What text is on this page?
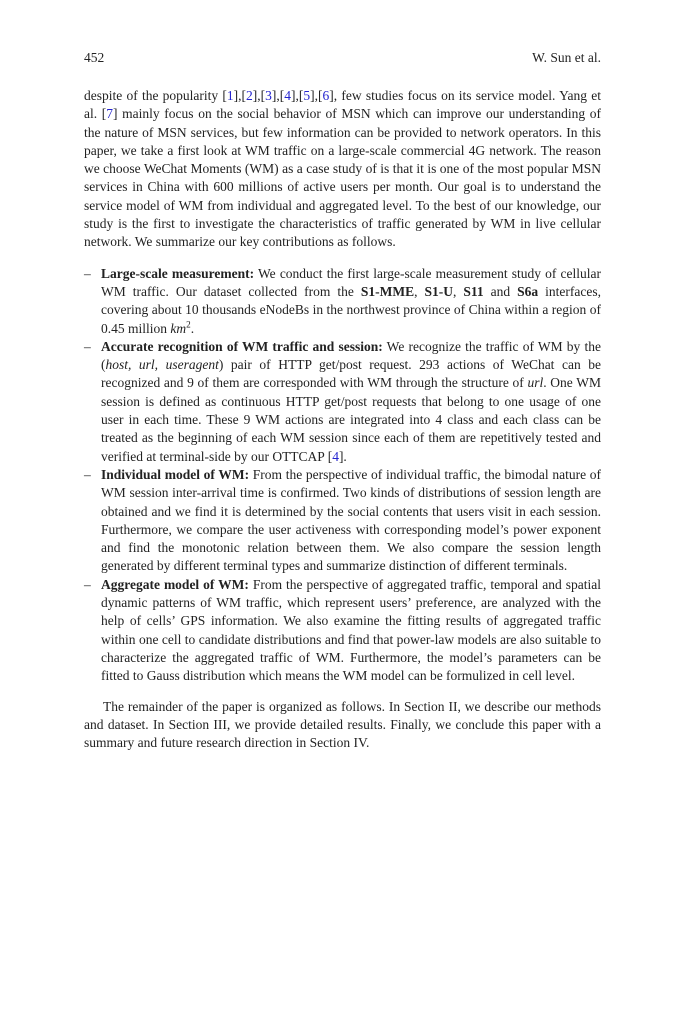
452	W. Sun et al.

despite of the popularity [1],[2],[3],[4],[5],[6], few studies focus on its service model. Yang et al. [7] mainly focus on the social behavior of MSN which can improve our understanding of the nature of MSN services, but few information can be provided to network operators. In this paper, we take a first look at WM traffic on a large-scale commercial 4G network. The reason we choose WeChat Moments (WM) as a case study of is that it is one of the most popular MSN services in China with 600 millions of active users per month. Our goal is to understand the service model of WM from individual and aggregated level. To the best of our knowledge, our study is the first to investigate the characteristics of traffic generated by WM in live cellular network. We summarize our key contributions as follows.

– Large-scale measurement: We conduct the first large-scale measurement study of cellular WM traffic. Our dataset collected from the S1-MME, S1-U, S11 and S6a interfaces, covering about 10 thousands eNodeBs in the northwest province of China within a region of 0.45 million $km^2$.
– Accurate recognition of WM traffic and session: We recognize the traffic of WM by the (host, url, useragent) pair of HTTP get/post request. 293 actions of WeChat can be recognized and 9 of them are corresponded with WM through the structure of url. One WM session is defined as continuous HTTP get/post requests that belong to one usage of one user in each time. These 9 WM actions are integrated into 4 class and each class can be treated as the beginning of each WM session since each of them are repetitively tested and verified at terminal-side by our OTTCAP [4].
– Individual model of WM: From the perspective of individual traffic, the bimodal nature of WM session inter-arrival time is confirmed. Two kinds of distributions of session length are obtained and we find it is determined by the social contents that users visit in each session. Furthermore, we compare the user activeness with corresponding model’s power exponent and find the monotonic relation between them. We also compare the session length generated by different terminal types and summarize distinction of different terminals.
– Aggregate model of WM: From the perspective of aggregated traffic, temporal and spatial dynamic patterns of WM traffic, which represent users’ preference, are analyzed with the help of cells’ GPS information. We also examine the fitting results of aggregated traffic within one cell to candidate distributions and find that power-law models are also suitable to characterize the aggregated traffic of WM. Furthermore, the model’s parameters can be fitted to Gauss distribution which means the WM model can be formulized in cell level.

The remainder of the paper is organized as follows. In Section II, we describe our methods and dataset. In Section III, we provide detailed results. Finally, we conclude this paper with a summary and future research direction in Section IV.
